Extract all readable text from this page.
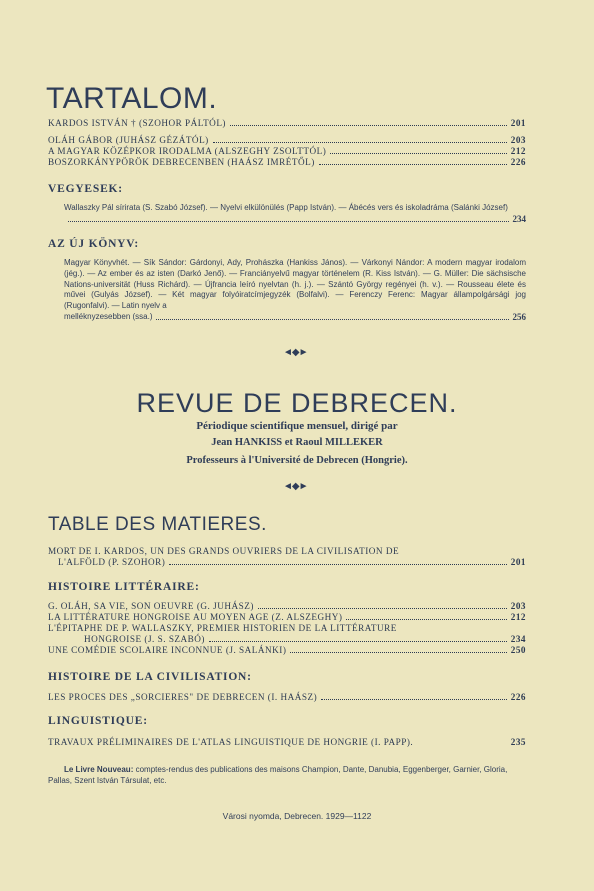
TARTALOM.
KARDOS ISTVÁN † (SZOHOR PÁLTÓL)	201
OLÁH GÁBOR (JUHÁSZ GÉZÁTÓL)	203
A MAGYAR KÖZÉPKOR IRODALMA (ALSZEGHY ZSOLTTÓL)	212
BOSZORKÁNYPÖRÖK DEBRECENBEN (HAÁSZ IMRÉTŐL)	226
VEGYESEK:
Wallaszky Pál sírirata (S. Szabó József). — Nyelvi elkülönülés (Papp István). — Ábécés vers és iskoladráma (Salánki József)
234
AZ ÚJ KÖNYV:
Magyar Könyvhét. — Sík Sándor: Gárdonyi, Ady, Prohászka (Hankiss János). — Várkonyi Nándor: A modern magyar irodalom (jég.). — Az ember és az isten (Darkó Jenő). — Franciányelvű magyar történelem (R. Kiss István). — G. Müller: Die sächsische Nations-universität (Huss Richárd). — Újfrancia leíró nyelvtan (h. j.). — Szántó György regényei (h. v.). — Rousseau élete és művei (Gulyás József). — Két magyar folyóiratcímjegyzék (Bolfalvi). — Ferenczy Ferenc: Magyar állampolgársági jog (Rugonfalvi). — Latin nyelv a
melléknyzesebben (ssa.)	256
◄◆►
REVUE DE DEBRECEN.
Périodique scientifique mensuel, dirigé par
Jean HANKISS et Raoul MILLEKER
Professeurs à l'Université de Debrecen (Hongrie).
◄◆►
TABLE DES MATIERES.
MORT DE I. KARDOS, UN DES GRANDS OUVRIERS DE LA CIVILISATION DE
L'ALFÖLD (P. SZOHOR)	201
HISTOIRE LITTÉRAIRE:
G. OLÁH, SA VIE, SON OEUVRE (G. JUHÁSZ)	203
LA LITTÉRATURE HONGROISE AU MOYEN AGE (Z. ALSZEGHY)	212
L'ÉPITAPHE DE P. WALLASZKY, PREMIER HISTORIEN DE LA LITTÉRATURE
HONGROISE (J. S. SZABÓ)	234
UNE COMÉDIE SCOLAIRE INCONNUE (J. SALÁNKI)	250
HISTOIRE DE LA CIVILISATION:
LES PROCES DES „SORCIERES" DE DEBRECEN (I. HAÁSZ)	226
LINGUISTIQUE:
TRAVAUX PRÉLIMINAIRES DE L'ATLAS LINGUISTIQUE DE HONGRIE (I. PAPP).	235
Le Livre Nouveau: comptes-rendus des publications des maisons Champion, Dante, Danubia, Eggenberger, Garnier, Gloria, Pallas, Szent István Társulat, etc.
Városi nyomda, Debrecen. 1929—1122
